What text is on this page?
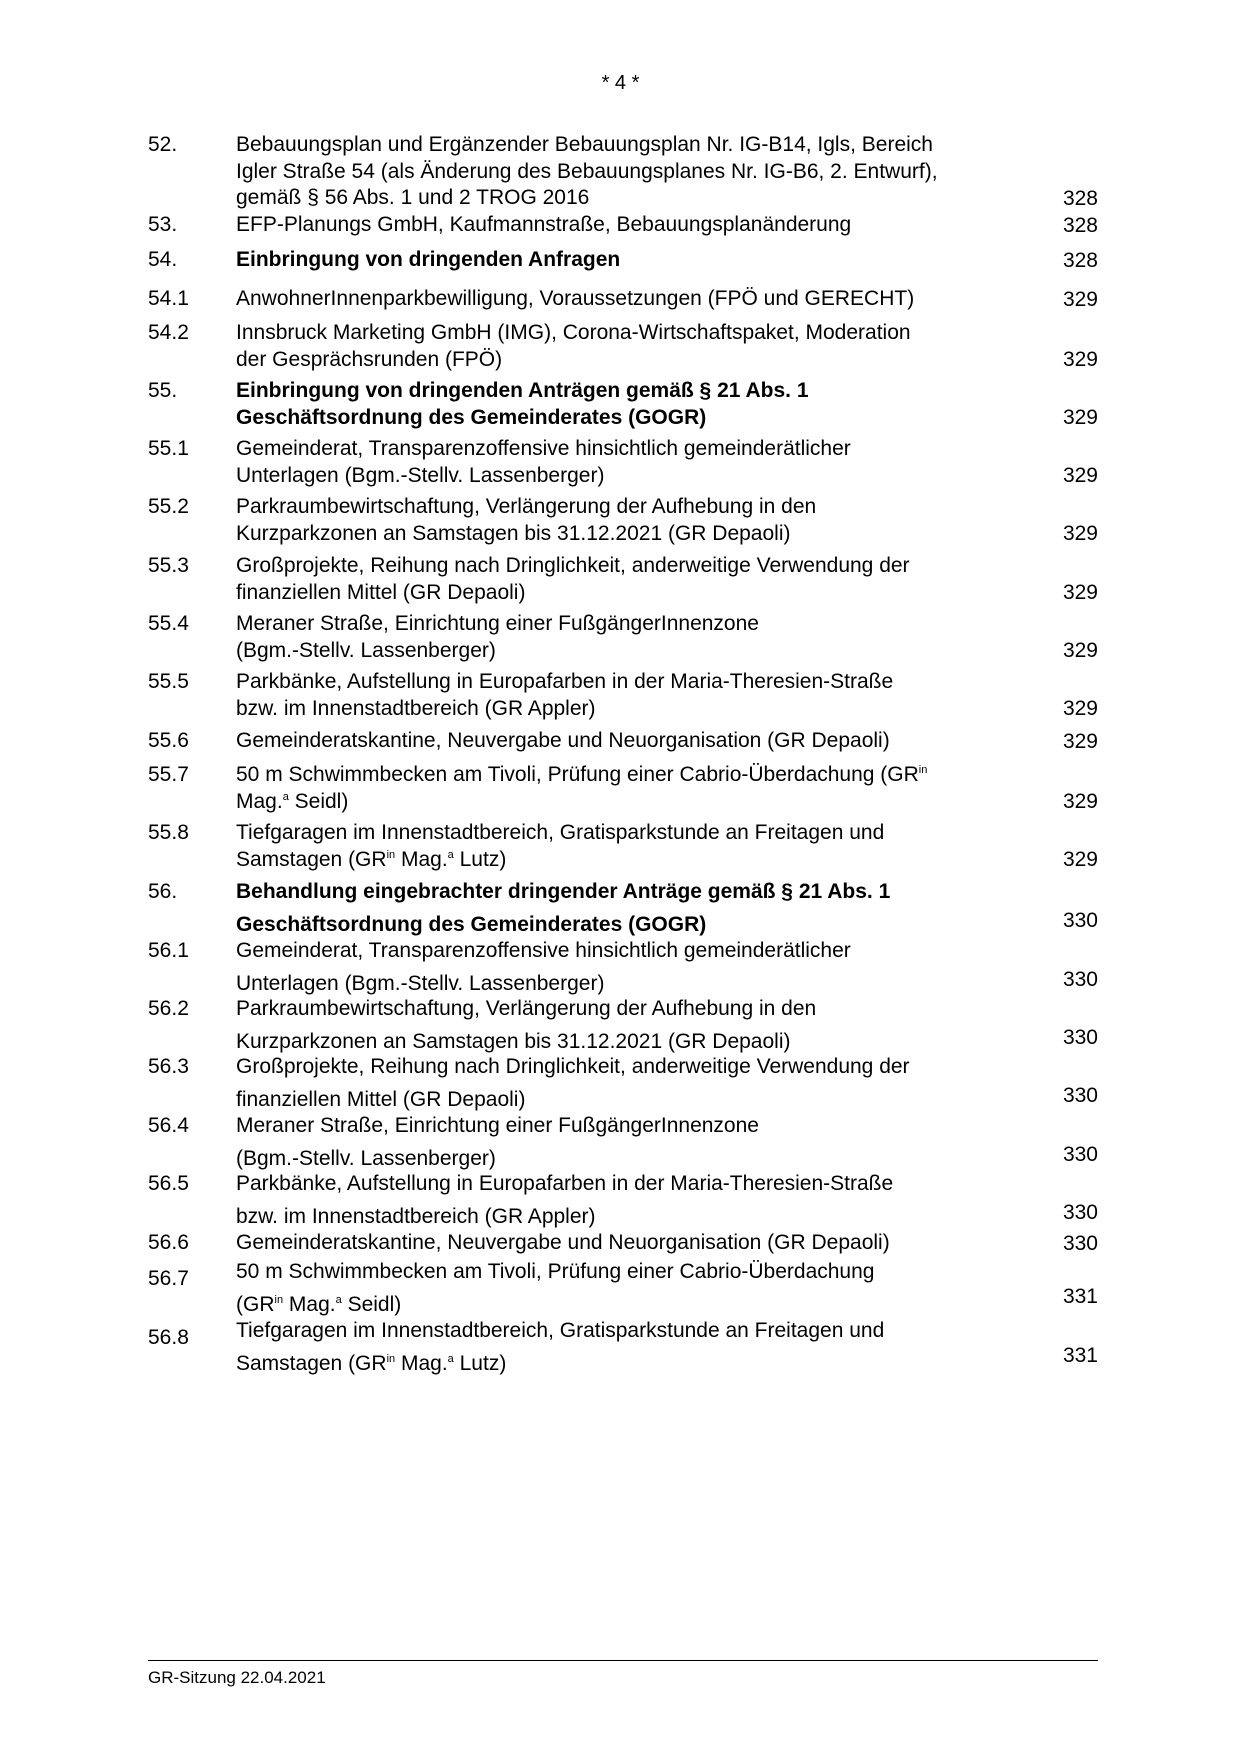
* 4 *
52.	Bebauungsplan und Ergänzender Bebauungsplan Nr. IG-B14, Igls, Bereich
Igler Straße 54 (als Änderung des Bebauungsplanes Nr. IG-B6, 2. Entwurf),
gemäß § 56 Abs. 1 und 2 TROG 2016	328
53.	EFP-Planungs GmbH, Kaufmannstraße, Bebauungsplanänderung	328
54.	Einbringung von dringenden Anfragen	328
54.1 AnwohnerInnenparkbewilligung, Voraussetzungen (FPÖ und GERECHT)	329
54.2 Innsbruck Marketing GmbH (IMG), Corona-Wirtschaftspaket, Moderation
der Gesprächsrunden (FPÖ)	329
55.	Einbringung von dringenden Anträgen gemäß § 21 Abs. 1
Geschäftsordnung des Gemeinderates (GOGR)	329
55.1 Gemeinderat, Transparenzoffensive hinsichtlich gemeinderätlicher
Unterlagen (Bgm.-Stellv. Lassenberger)	329
55.2 Parkraumbewirtschaftung, Verlängerung der Aufhebung in den
Kurzparkzonen an Samstagen bis 31.12.2021 (GR Depaoli)	329
55.3 Großprojekte, Reihung nach Dringlichkeit, anderweitige Verwendung der
finanziellen Mittel (GR Depaoli)	329
55.4 Meraner Straße, Einrichtung einer FußgängerInnenzone
(Bgm.-Stellv. Lassenberger)	329
55.5 Parkbänke, Aufstellung in Europafarben in der Maria-Theresien-Straße
bzw. im Innenstadtbereich (GR Appler)	329
55.6 Gemeinderatskantine, Neuvergabe und Neuorganisation (GR Depaoli)	329
55.7 50 m Schwimmbecken am Tivoli, Prüfung einer Cabrio-Überdachung ($GR^{in}$
Mag.$^a$ Seidl)	329
55.8 Tiefgaragen im Innenstadtbereich, Gratisparkstunde an Freitagen und
Samstagen ($GR^{in}$ Mag.$^a$ Lutz)	329
56.	Behandlung eingebrachter dringender Anträge gemäß § 21 Abs. 1
Geschäftsordnung des Gemeinderates (GOGR)	330
56.1 Gemeinderat, Transparenzoffensive hinsichtlich gemeinderätlicher
Unterlagen (Bgm.-Stellv. Lassenberger)	330
56.2 Parkraumbewirtschaftung, Verlängerung der Aufhebung in den
Kurzparkzonen an Samstagen bis 31.12.2021 (GR Depaoli)	330
56.3 Großprojekte, Reihung nach Dringlichkeit, anderweitige Verwendung der
finanziellen Mittel (GR Depaoli)	330
56.4 Meraner Straße, Einrichtung einer FußgängerInnenzone
(Bgm.-Stellv. Lassenberger)	330
56.5 Parkbänke, Aufstellung in Europafarben in der Maria-Theresien-Straße
bzw. im Innenstadtbereich (GR Appler)	330
56.6 Gemeinderatskantine, Neuvergabe und Neuorganisation (GR Depaoli)	330
56.7 50 m Schwimmbecken am Tivoli, Prüfung einer Cabrio-Überdachung
($GR^{in}$ Mag.$^a$ Seidl)	331
56.8 Tiefgaragen im Innenstadtbereich, Gratisparkstunde an Freitagen und
Samstagen ($GR^{in}$ Mag.$^a$ Lutz)	331
GR-Sitzung 22.04.2021
